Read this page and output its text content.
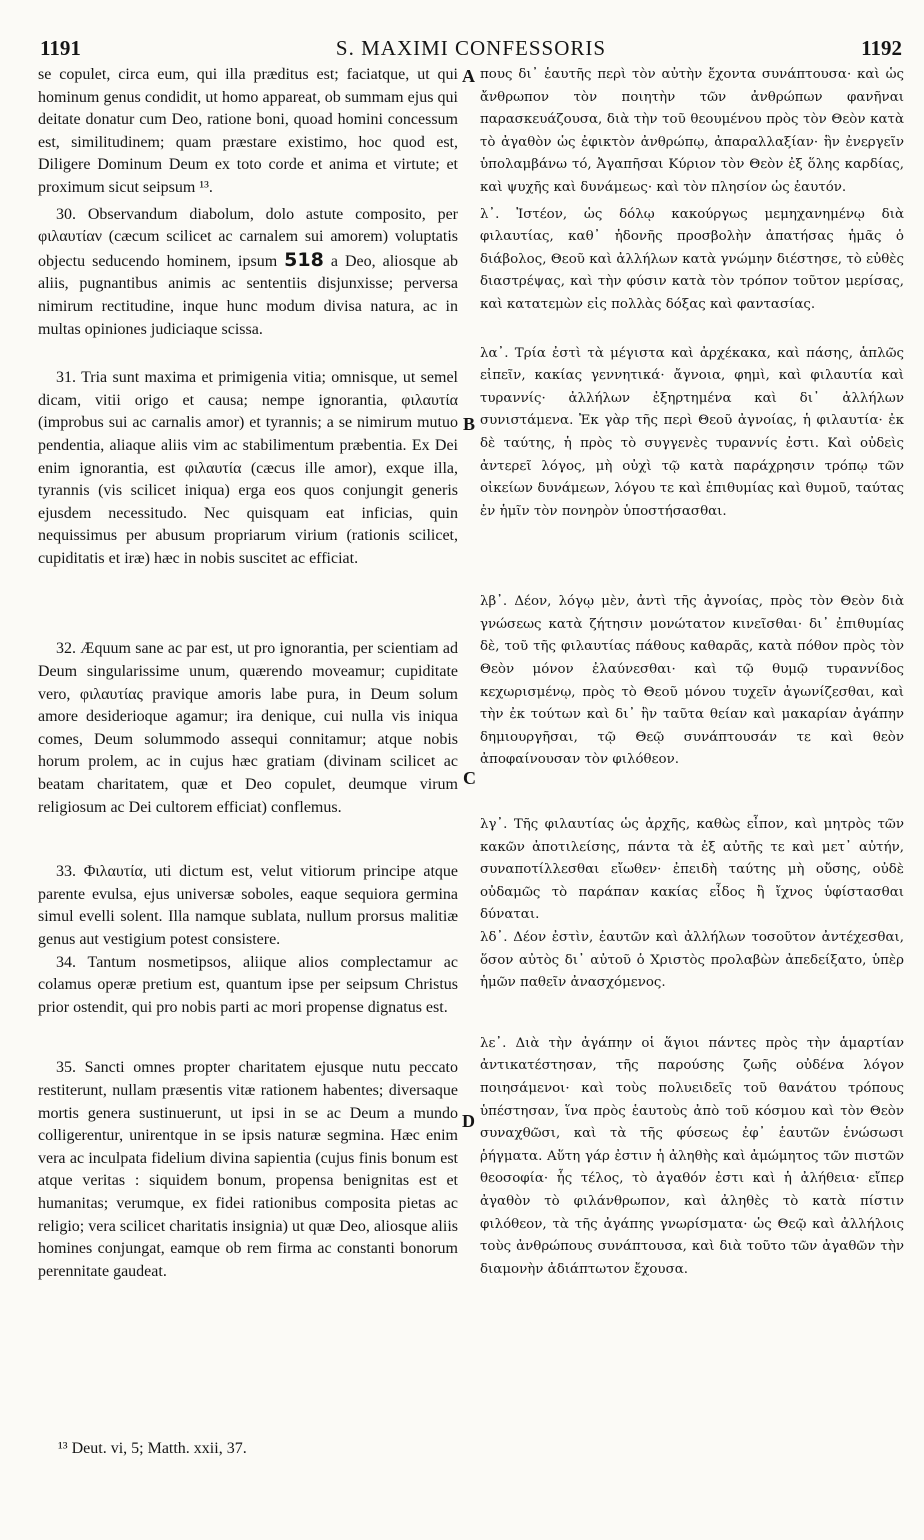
S. MAXIMI CONFESSORIS
1191	1192

se copulet, circa eum, qui illa præditus est; faciatque, ut qui hominum genus condidit, ut homo appareat, ob summam ejus qui deitate donatur cum Deo, ratione boni, quoad homini concessum est, similitudinem; quam præstare existimo, hoc quod est, Diligere Dominum Deum ex toto corde et anima et virtute; et proximum sicut seipsum ¹³.

30. Observandum diabolum, dolo astute composito, per φιλαυτίαν (cæcum scilicet ac carnalem sui amorem) voluptatis objectu seducendo hominem, ipsum 518 a Deo, aliosque ab aliis, pugnantibus animis ac sententiis disjunxisse; perversa nimirum rectitudine, inque hunc modum divisa natura, ac in multas opiniones judiciaque scissa.

31. Tria sunt maxima et primigenia vitia; omnisque, ut semel dicam, vitii origo et causa; nempe ignorantia, φιλαυτία (improbus sui ac carnalis amor) et tyrannis; a se nimirum mutuo pendentia, aliaque aliis vim ac stabilimentum præbentia. Ex Dei enim ignorantia, est φιλαυτία (cæcus ille amor), exque illa, tyrannis (vis scilicet iniqua) erga eos quos conjungit generis ejusdem necessitudo. Nec quisquam eat inficias, quin nequissimus per abusum propriarum virium (rationis scilicet, cupiditatis et iræ) hæc in nobis suscitet ac efficiat.

32. Æquum sane ac par est, ut pro ignorantia, per scientiam ad Deum singularissime unum, quærendo moveamur; cupiditate vero, φιλαυτίας pravique amoris labe pura, in Deum solum amore desiderioque agamur; ira denique, cui nulla vis iniqua comes, Deum solummodo assequi connitamur; atque nobis horum prolem, ac in cujus hæc gratiam (divinam scilicet ac beatam charitatem, quæ et Deo copulet, deumque virum religiosum ac Dei cultorem efficiat) conflemus.

33. Φιλαυτία, uti dictum est, velut vitiorum principe atque parente evulsa, ejus universæ soboles, eaque sequiora germina simul evelli solent. Illa namque sublata, nullum prorsus malitiæ genus aut vestigium potest consistere.

34. Tantum nosmetipsos, aliique alios complectamur ac colamus operæ pretium est, quantum ipse per seipsum Christus prior ostendit, qui pro nobis parti ac mori propense dignatus est.

35. Sancti omnes propter charitatem ejusque nutu peccato restiterunt, nullam præsentis vitæ rationem habentes; diversaque mortis genera sustinuerunt, ut ipsi in se ac Deum a mundo colligerentur, unirentque in se ipsis naturæ segmina. Hæc enim vera ac inculpata fidelium divina sapientia (cujus finis bonum est atque veritas : siquidem bonum, propensa benignitas est et humanitas; verumque, ex fidei rationibus composita pietas ac religio; vera scilicet charitatis insignia) ut quæ Deo, aliosque aliis homines conjungat, eamque ob rem firma ac constanti bonorum perennitate gaudeat.

A
B
C
D

πους δι᾽ ἑαυτῆς περὶ τὸν αὐτὴν ἔχοντα συνάπτουσα· καὶ ὡς ἄνθρωπον τὸν ποιητὴν τῶν ἀνθρώπων φανῆναι παρασκευάζουσα, διὰ τὴν τοῦ θεουμένου πρὸς τὸν Θεὸν κατὰ τὸ ἀγαθὸν ὡς ἐφικτὸν ἀνθρώπῳ, ἀπαραλλαξίαν· ἣν ἐνεργεῖν ὑπολαμβάνω τό, Ἀγαπῆσαι Κύριον τὸν Θεὸν ἐξ ὅλης καρδίας, καὶ ψυχῆς καὶ δυνάμεως· καὶ τὸν πλησίον ὡς ἑαυτόν.

λ᾽. Ἰστέον, ὡς δόλῳ κακούργως μεμηχανημένῳ διὰ φιλαυτίας, καθ᾽ ἡδονῆς προσβολὴν ἀπατήσας ἡμᾶς ὁ διάβολος, Θεοῦ καὶ ἀλλήλων κατὰ γνώμην διέστησε, τὸ εὐθὲς διαστρέψας, καὶ τὴν φύσιν κατὰ τὸν τρόπον τοῦτον μερίσας, καὶ κατατεμὼν εἰς πολλὰς δόξας καὶ φαντασίας.

λα᾽. Τρία ἐστὶ τὰ μέγιστα καὶ ἀρχέκακα, καὶ πάσης, ἁπλῶς εἰπεῖν, κακίας γεννητικά· ἄγνοια, φημὶ, καὶ φιλαυτία καὶ τυραννίς· ἀλλήλων ἐξηρτημένα καὶ δι᾽ ἀλλήλων συνιστάμενα. Ἐκ γὰρ τῆς περὶ Θεοῦ ἀγνοίας, ἡ φιλαυτία· ἐκ δὲ ταύτης, ἡ πρὸς τὸ συγγενὲς τυραννίς ἐστι. Καὶ οὐδεὶς ἀντερεῖ λόγος, μὴ οὐχὶ τῷ κατὰ παράχρησιν τρόπῳ τῶν οἰκείων δυνάμεων, λόγου τε καὶ ἐπιθυμίας καὶ θυμοῦ, ταύτας ἐν ἡμῖν τὸν πονηρὸν ὑποστήσασθαι.

λβ᾽. Δέον, λόγῳ μὲν, ἀντὶ τῆς ἀγνοίας, πρὸς τὸν Θεὸν διὰ γνώσεως κατὰ ζήτησιν μονώτατον κινεῖσθαι· δι᾽ ἐπιθυμίας δὲ, τοῦ τῆς φιλαυτίας πάθους καθαρᾶς, κατὰ πόθον πρὸς τὸν Θεὸν μόνον ἐλαύνεσθαι· καὶ τῷ θυμῷ τυραννίδος κεχωρισμένῳ, πρὸς τὸ Θεοῦ μόνου τυχεῖν ἀγωνίζεσθαι, καὶ τὴν ἐκ τούτων καὶ δι᾽ ἣν ταῦτα θείαν καὶ μακαρίαν ἀγάπην δημιουργῆσαι, τῷ Θεῷ συνάπτουσάν τε καὶ θεὸν ἀποφαίνουσαν τὸν φιλόθεον.

λγ᾽. Τῆς φιλαυτίας ὡς ἀρχῆς, καθὼς εἶπον, καὶ μητρὸς τῶν κακῶν ἀποτιλείσης, πάντα τὰ ἐξ αὐτῆς τε καὶ μετ᾽ αὐτήν, συναποτίλλεσθαι εἴωθεν· ἐπειδὴ ταύτης μὴ οὔσης, οὐδὲ οὐδαμῶς τὸ παράπαν κακίας εἶδος ἢ ἴχνος ὑφίστασθαι δύναται.

λδ᾽. Δέον ἐστὶν, ἑαυτῶν καὶ ἀλλήλων τοσοῦτον ἀντέχεσθαι, ὅσον αὐτὸς δι᾽ αὐτοῦ ὁ Χριστὸς προλαβὼν ἀπεδείξατο, ὑπὲρ ἡμῶν παθεῖν ἀνασχόμενος.

λε᾽. Διὰ τὴν ἀγάπην οἱ ἅγιοι πάντες πρὸς τὴν ἁμαρτίαν ἀντικατέστησαν, τῆς παρούσης ζωῆς οὐδένα λόγον ποιησάμενοι· καὶ τοὺς πολυειδεῖς τοῦ θανάτου τρόπους ὑπέστησαν, ἵνα πρὸς ἑαυτοὺς ἀπὸ τοῦ κόσμου καὶ τὸν Θεὸν συναχθῶσι, καὶ τὰ τῆς φύσεως ἐφ᾽ ἑαυτῶν ἑνώσωσι ῥήγματα. Αὕτη γάρ ἐστιν ἡ ἀληθὴς καὶ ἀμώμητος τῶν πιστῶν θεοσοφία· ἧς τέλος, τὸ ἀγαθόν ἐστι καὶ ἡ ἀλήθεια· εἴπερ ἀγαθὸν τὸ φιλάνθρωπον, καὶ ἀληθὲς τὸ κατὰ πίστιν φιλόθεον, τὰ τῆς ἀγάπης γνωρίσματα· ὡς Θεῷ καὶ ἀλλήλοις τοὺς ἀνθρώπους συνάπτουσα, καὶ διὰ τοῦτο τῶν ἀγαθῶν τὴν διαμονὴν ἀδιάπτωτον ἔχουσα.

¹³ Deut. vi, 5; Matth. xxii, 37.
